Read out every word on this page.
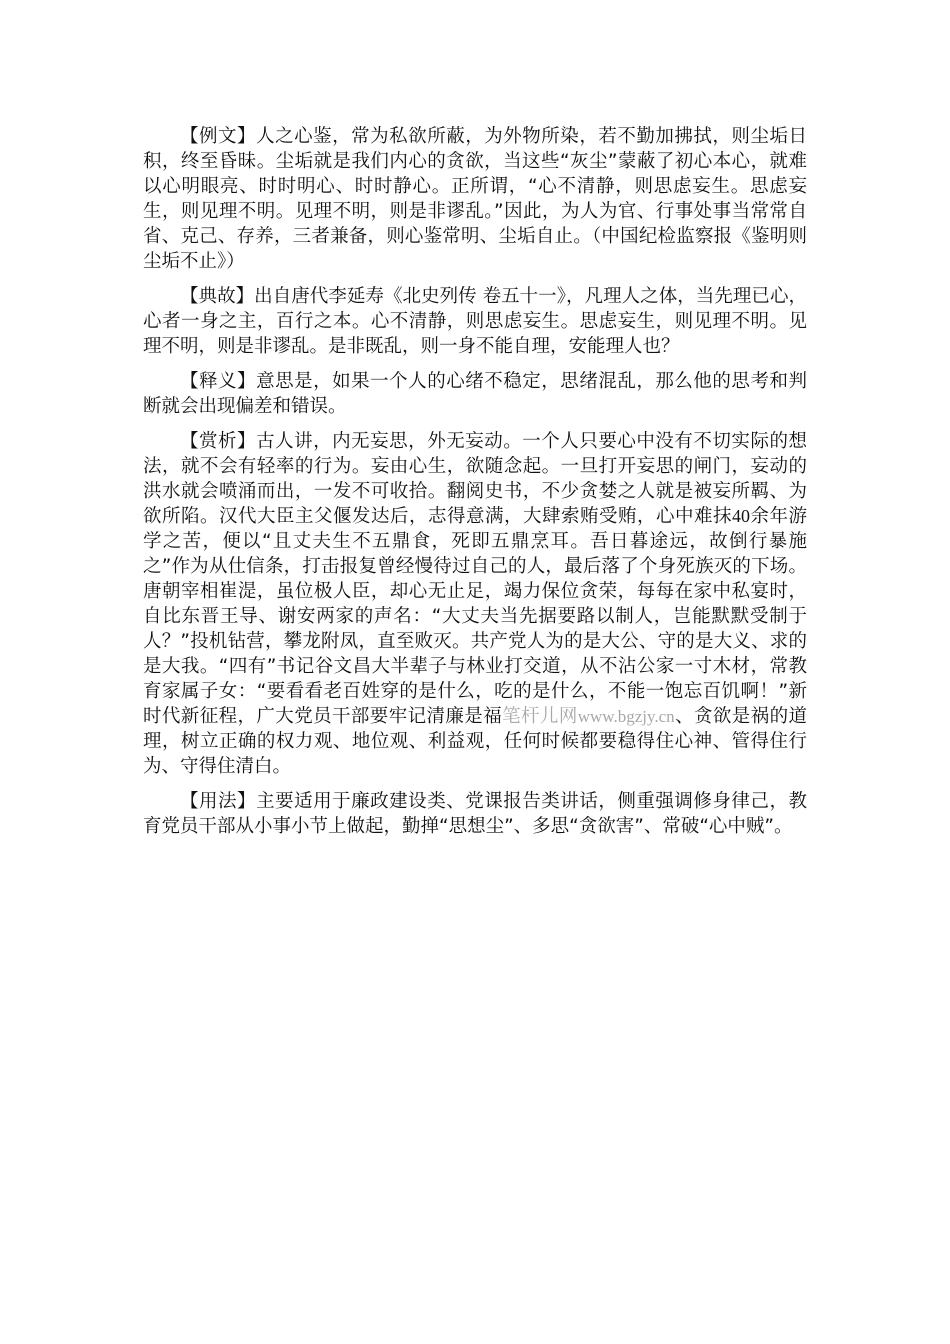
【例文】人之心鉴，常为私欲所蔽，为外物所染，若不勤加拂拭，则尘垢日积，终至昏昧。尘垢就是我们内心的贪欲，当这些“灰尘”蒙蔽了初心本心，就难以心明眼亮、时时明心、时时静心。正所谓，“心不清静，则思虑妄生。思虑妄生，则见理不明。见理不明，则是非谬乱。”因此，为人为官、行事处事当常常自省、克己、存养，三者兼备，则心鉴常明、尘垢自止。（中国纪检监察报《鉴明则尘垢不止》）

【典故】出自唐代李延寿《北史列传 卷五十一》，凡理人之体，当先理已心，心者一身之主，百行之本。心不清静，则思虑妄生。思虑妄生，则见理不明。见理不明，则是非谬乱。是非既乱，则一身不能自理，安能理人也？

【释义】意思是，如果一个人的心绪不稳定，思绪混乱，那么他的思考和判断就会出现偏差和错误。

【赏析】古人讲，内无妄思，外无妄动。一个人只要心中没有不切实际的想法，就不会有轻率的行为。妄由心生，欲随念起。一旦打开妄思的闸门，妄动的洪水就会喷涌而出，一发不可收拾。翻阅史书，不少贪婪之人就是被妄所羁、为欲所陷。汉代大臣主父偃发达后，志得意满，大肆索贿受贿，心中难抹40余年游学之苦，便以“且丈夫生不五鼎食，死即五鼎烹耳。吾日暮途远，故倒行暴施之”作为从仕信条，打击报复曾经慢待过自己的人，最后落了个身死族灭的下场。唐朝宰相崔湜，虽位极人臣，却心无止足，竭力保位贪荣，每每在家中私宴时，自比东晋王导、谢安两家的声名：“大丈夫当先据要路以制人，岂能默默受制于人？”投机钻营，攀龙附凤，直至败灭。共产党人为的是大公、守的是大义、求的是大我。“四有”书记谷文昌大半辈子与林业打交道，从不沾公家一寸木材，常教育家属子女：“要看看老百姓穿的是什么，吃的是什么，不能一饱忘百饥啊！”新时代新征程，广大党员干部要牢记清廉是福笔杆儿网www.bgzjy.cn、贪欲是祸的道理，树立正确的权力观、地位观、利益观，任何时候都要稳得住心神、管得住行为、守得住清白。

【用法】主要适用于廉政建设类、党课报告类讲话，侧重强调修身律己，教育党员干部从小事小节上做起，勤掸“思想尘”、多思“贪欲害”、常破“心中贼”。
